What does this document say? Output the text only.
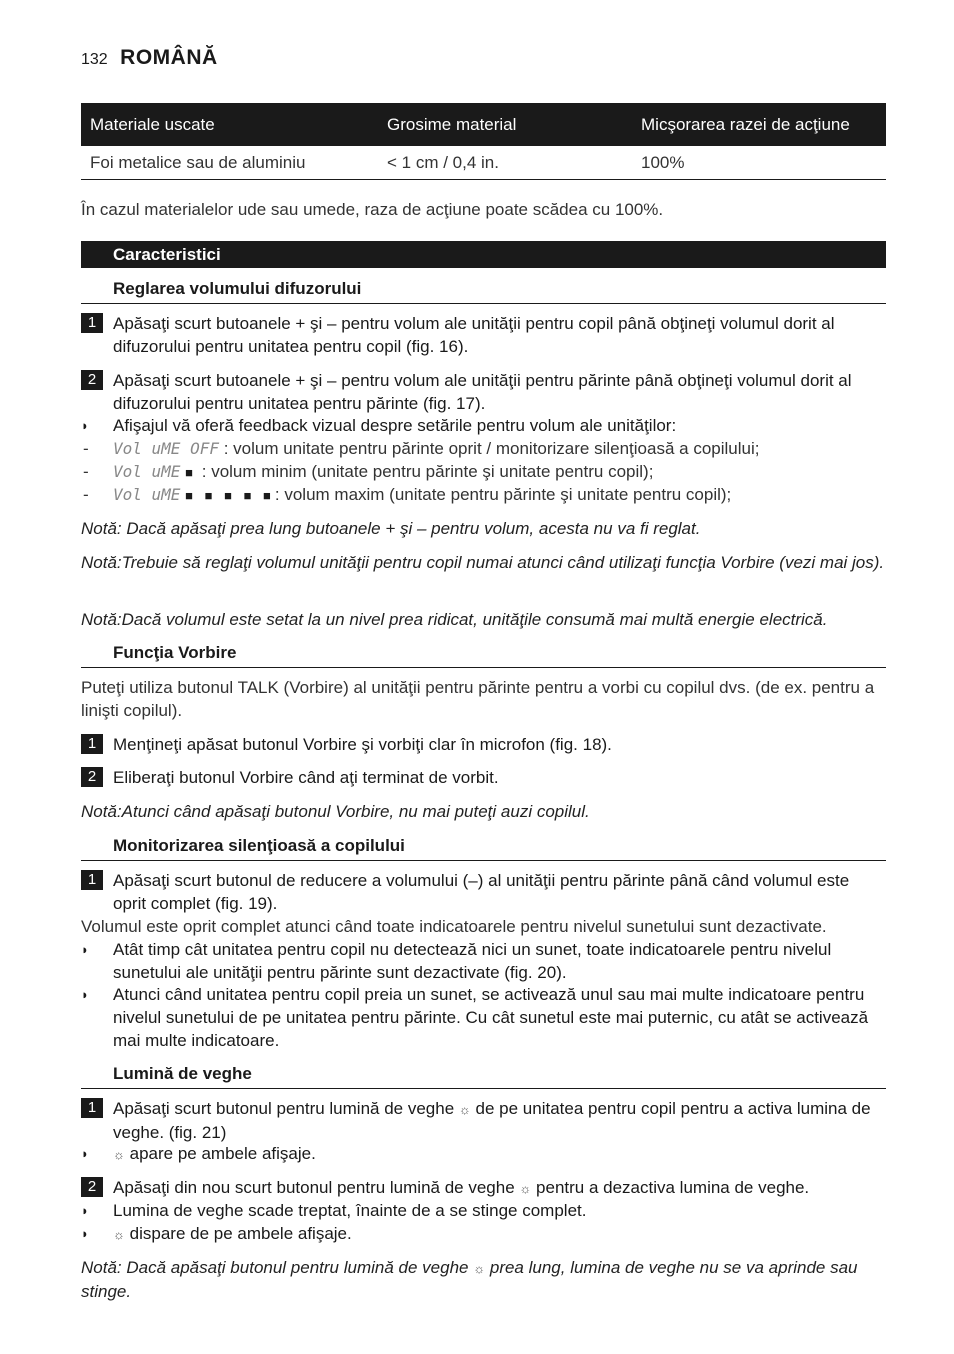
132 ROMÂNĂ
Materiale uscate	Grosime material	Micşorarea razei de acţiune
Foi metalice sau de aluminiu	< 1 cm / 0,4 in.	100%
În cazul materialelor ude sau umede, raza de acţiune poate scădea cu 100%.
Caracteristici
Reglarea volumului difuzorului
1 Apăsaţi scurt butoanele + şi – pentru volum ale unităţii pentru copil până obţineţi volumul dorit al difuzorului pentru unitatea pentru copil (fig. 16).
2 Apăsaţi scurt butoanele + şi – pentru volum ale unităţii pentru părinte până obţineţi volumul dorit al difuzorului pentru unitatea pentru părinte (fig. 17).
◗ Afişajul vă oferă feedback vizual despre setările pentru volum ale unităţilor:
- Vol uME OFF : volum unitate pentru părinte oprit / monitorizare silenţioasă a copilului;
- Vol uME ■ : volum minim (unitate pentru părinte şi unitate pentru copil);
- Vol uME ■ ■ ■ ■ ■: volum maxim (unitate pentru părinte şi unitate pentru copil);
Notă: Dacă apăsaţi prea lung butoanele + şi – pentru volum, acesta nu va fi reglat.
Notă:Trebuie să reglaţi volumul unităţii pentru copil numai atunci când utilizaţi funcţia Vorbire (vezi mai jos).
Notă:Dacă volumul este setat la un nivel prea ridicat, unităţile consumă mai multă energie electrică.
Funcţia Vorbire
Puteţi utiliza butonul TALK (Vorbire) al unităţii pentru părinte pentru a vorbi cu copilul dvs. (de ex. pentru a linişti copilul).
1 Menţineţi apăsat butonul Vorbire şi vorbiţi clar în microfon (fig. 18).
2 Eliberaţi butonul Vorbire când aţi terminat de vorbit.
Notă:Atunci când apăsaţi butonul Vorbire, nu mai puteţi auzi copilul.
Monitorizarea silenţioasă a copilului
1 Apăsaţi scurt butonul de reducere a volumului (–) al unităţii pentru părinte până când volumul este oprit complet (fig. 19).
Volumul este oprit complet atunci când toate indicatoarele pentru nivelul sunetului sunt dezactivate.
◗ Atât timp cât unitatea pentru copil nu detectează nici un sunet, toate indicatoarele pentru nivelul sunetului ale unităţii pentru părinte sunt dezactivate (fig. 20).
◗ Atunci când unitatea pentru copil preia un sunet, se activează unul sau mai multe indicatoare pentru nivelul sunetului de pe unitatea pentru părinte. Cu cât sunetul este mai puternic, cu atât se activează mai multe indicatoare.
Lumină de veghe
1 Apăsaţi scurt butonul pentru lumină de veghe ☼ de pe unitatea pentru copil pentru a activa lumina de veghe. (fig. 21)
◗ ☼ apare pe ambele afişaje.
2 Apăsaţi din nou scurt butonul pentru lumină de veghe ☼ pentru a dezactiva lumina de veghe.
◗ Lumina de veghe scade treptat, înainte de a se stinge complet.
◗ ☼ dispare de pe ambele afişaje.
Notă: Dacă apăsaţi butonul pentru lumină de veghe ☼ prea lung, lumina de veghe nu se va aprinde sau stinge.
